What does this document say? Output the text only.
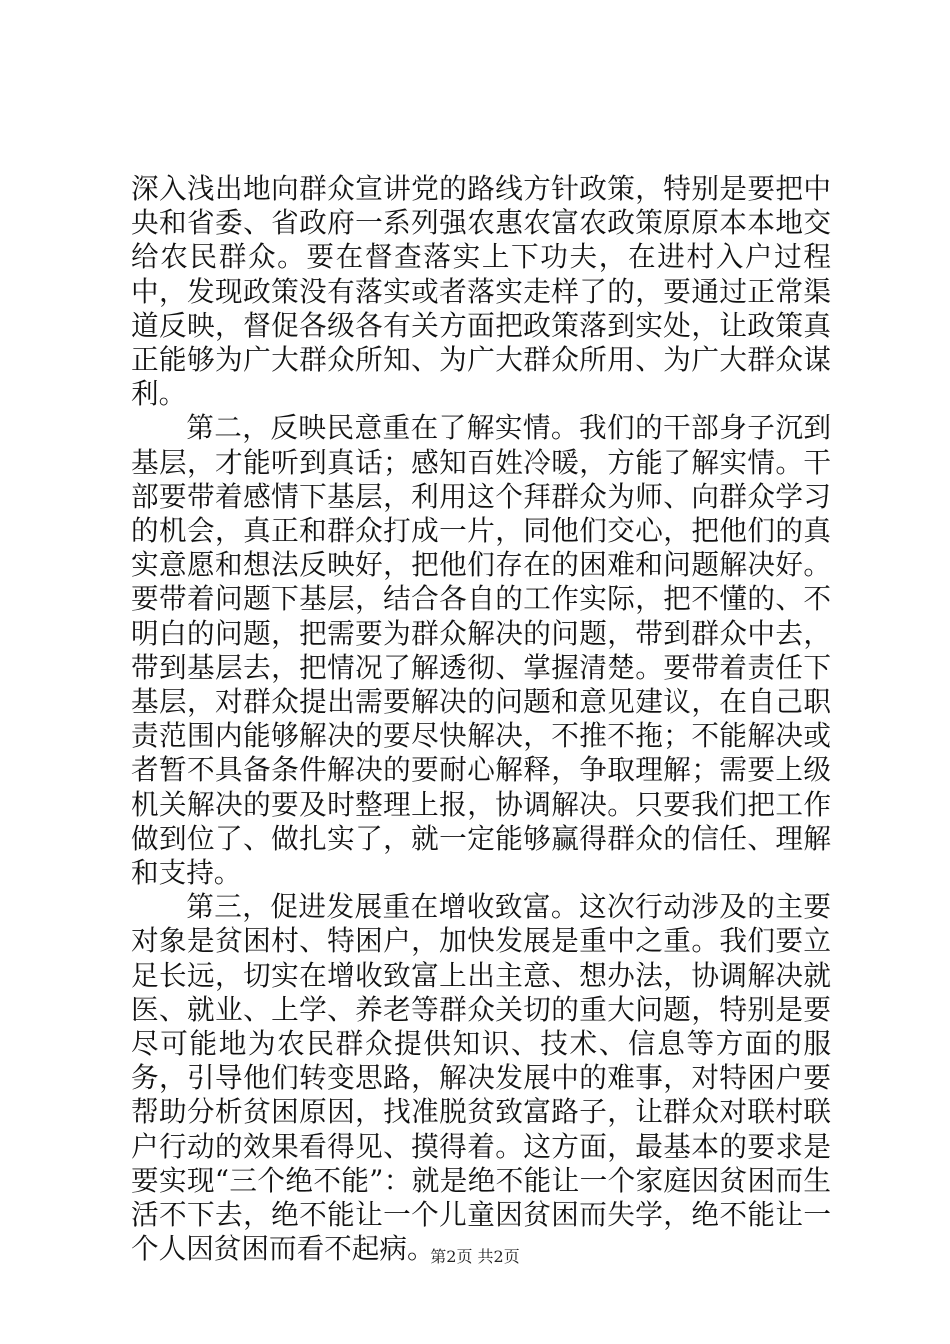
深入浅出地向群众宣讲党的路线方针政策，特别是要把中央和省委、省政府一系列强农惠农富农政策原原本本地交给农民群众。要在督查落实上下功夫，在进村入户过程中，发现政策没有落实或者落实走样了的，要通过正常渠道反映，督促各级各有关方面把政策落到实处，让政策真正能够为广大群众所知、为广大群众所用、为广大群众谋利。

第二，反映民意重在了解实情。我们的干部身子沉到基层，才能听到真话；感知百姓冷暖，方能了解实情。干部要带着感情下基层，利用这个拜群众为师、向群众学习的机会，真正和群众打成一片，同他们交心，把他们的真实意愿和想法反映好，把他们存在的困难和问题解决好。要带着问题下基层，结合各自的工作实际，把不懂的、不明白的问题，把需要为群众解决的问题，带到群众中去，带到基层去，把情况了解透彻、掌握清楚。要带着责任下基层，对群众提出需要解决的问题和意见建议，在自己职责范围内能够解决的要尽快解决，不推不拖；不能解决或者暂不具备条件解决的要耐心解释，争取理解；需要上级机关解决的要及时整理上报，协调解决。只要我们把工作做到位了、做扎实了，就一定能够赢得群众的信任、理解和支持。

第三，促进发展重在增收致富。这次行动涉及的主要对象是贫困村、特困户，加快发展是重中之重。我们要立足长远，切实在增收致富上出主意、想办法，协调解决就医、就业、上学、养老等群众关切的重大问题，特别是要尽可能地为农民群众提供知识、技术、信息等方面的服务，引导他们转变思路，解决发展中的难事，对特困户要帮助分析贫困原因，找准脱贫致富路子，让群众对联村联户行动的效果看得见、摸得着。这方面，最基本的要求是要实现“三个绝不能”：就是绝不能让一个家庭因贫困而生活不下去，绝不能让一个儿童因贫困而失学，绝不能让一个人因贫困而看不起病。

第2页 共2页
